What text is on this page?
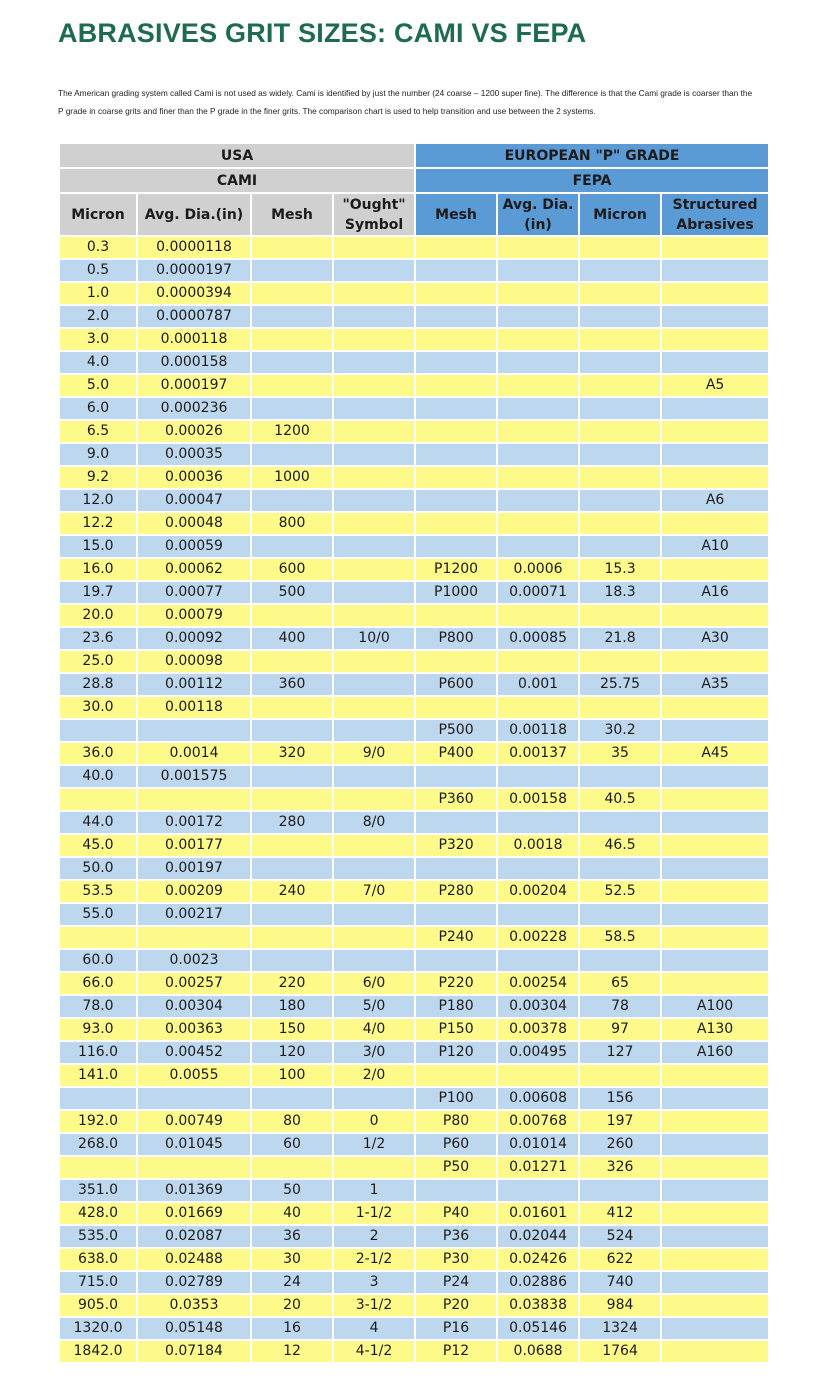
ABRASIVES GRIT SIZES: CAMI VS FEPA

The American grading system called Cami is not used as widely. Cami is identified by just the number (24 coarse – 1200 super fine). The difference is that the Cami grade is coarser than the P grade in coarse grits and finer than the P grade in the finer grits. The comparison chart is used to help transition and use between the 2 systems.

USA				EUROPEAN "P" GRADE			
CAMI				FEPA			
Micron	Avg. Dia.(in)	Mesh	"Ought" Symbol	Mesh	Avg. Dia.(in)	Micron	Structured Abrasives
0.3	0.0000118						
0.5	0.0000197						
1.0	0.0000394						
2.0	0.0000787						
3.0	0.000118						
4.0	0.000158						
5.0	0.000197						A5
6.0	0.000236						
6.5	0.00026	1200					
9.0	0.00035						
9.2	0.00036	1000					
12.0	0.00047						A6
12.2	0.00048	800					
15.0	0.00059						A10
16.0	0.00062	600		P1200	0.0006	15.3	
19.7	0.00077	500		P1000	0.00071	18.3	A16
20.0	0.00079						
23.6	0.00092	400	10/0	P800	0.00085	21.8	A30
25.0	0.00098						
28.8	0.00112	360		P600	0.001	25.75	A35
30.0	0.00118						
				P500	0.00118	30.2	
36.0	0.0014	320	9/0	P400	0.00137	35	A45
40.0	0.001575						
				P360	0.00158	40.5	
44.0	0.00172	280	8/0				
45.0	0.00177			P320	0.0018	46.5	
50.0	0.00197						
53.5	0.00209	240	7/0	P280	0.00204	52.5	
55.0	0.00217						
				P240	0.00228	58.5	
60.0	0.0023						
66.0	0.00257	220	6/0	P220	0.00254	65	
78.0	0.00304	180	5/0	P180	0.00304	78	A100
93.0	0.00363	150	4/0	P150	0.00378	97	A130
116.0	0.00452	120	3/0	P120	0.00495	127	A160
141.0	0.0055	100	2/0				
				P100	0.00608	156	
192.0	0.00749	80	0	P80	0.00768	197	
268.0	0.01045	60	1/2	P60	0.01014	260	
				P50	0.01271	326	
351.0	0.01369	50	1				
428.0	0.01669	40	1-1/2	P40	0.01601	412	
535.0	0.02087	36	2	P36	0.02044	524	
638.0	0.02488	30	2-1/2	P30	0.02426	622	
715.0	0.02789	24	3	P24	0.02886	740	
905.0	0.0353	20	3-1/2	P20	0.03838	984	
1320.0	0.05148	16	4	P16	0.05146	1324	
1842.0	0.07184	12	4-1/2	P12	0.0688	1764	
